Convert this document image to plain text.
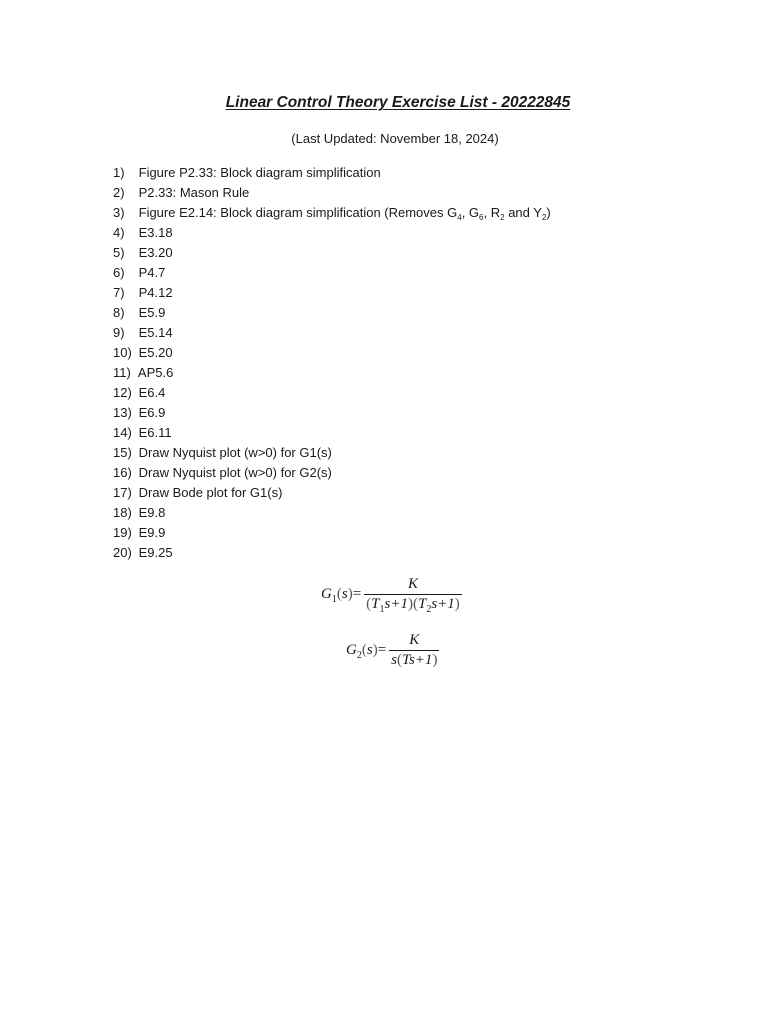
Linear Control Theory Exercise List - 20222845
(Last Updated: November 18, 2024)
1) Figure P2.33: Block diagram simplification
2) P2.33: Mason Rule
3) Figure E2.14: Block diagram simplification (Removes $G_4$, $G_6$, $R_2$ and $Y_2$)
4) E3.18
5) E3.20
6) P4.7
7) P4.12
8) E5.9
9) E5.14
10) E5.20
11) AP5.6
12) E6.4
13) E6.9
14) E6.11
15) Draw Nyquist plot (w>0) for G1(s)
16) Draw Nyquist plot (w>0) for G2(s)
17) Draw Bode plot for G1(s)
18) E9.8
19) E9.9
20) E9.25
$G_1(s)= \frac{K}{(T_1s+1)(T_2s+1)}$
$G_2(s)= \frac{K}{s(Ts+1)}$
